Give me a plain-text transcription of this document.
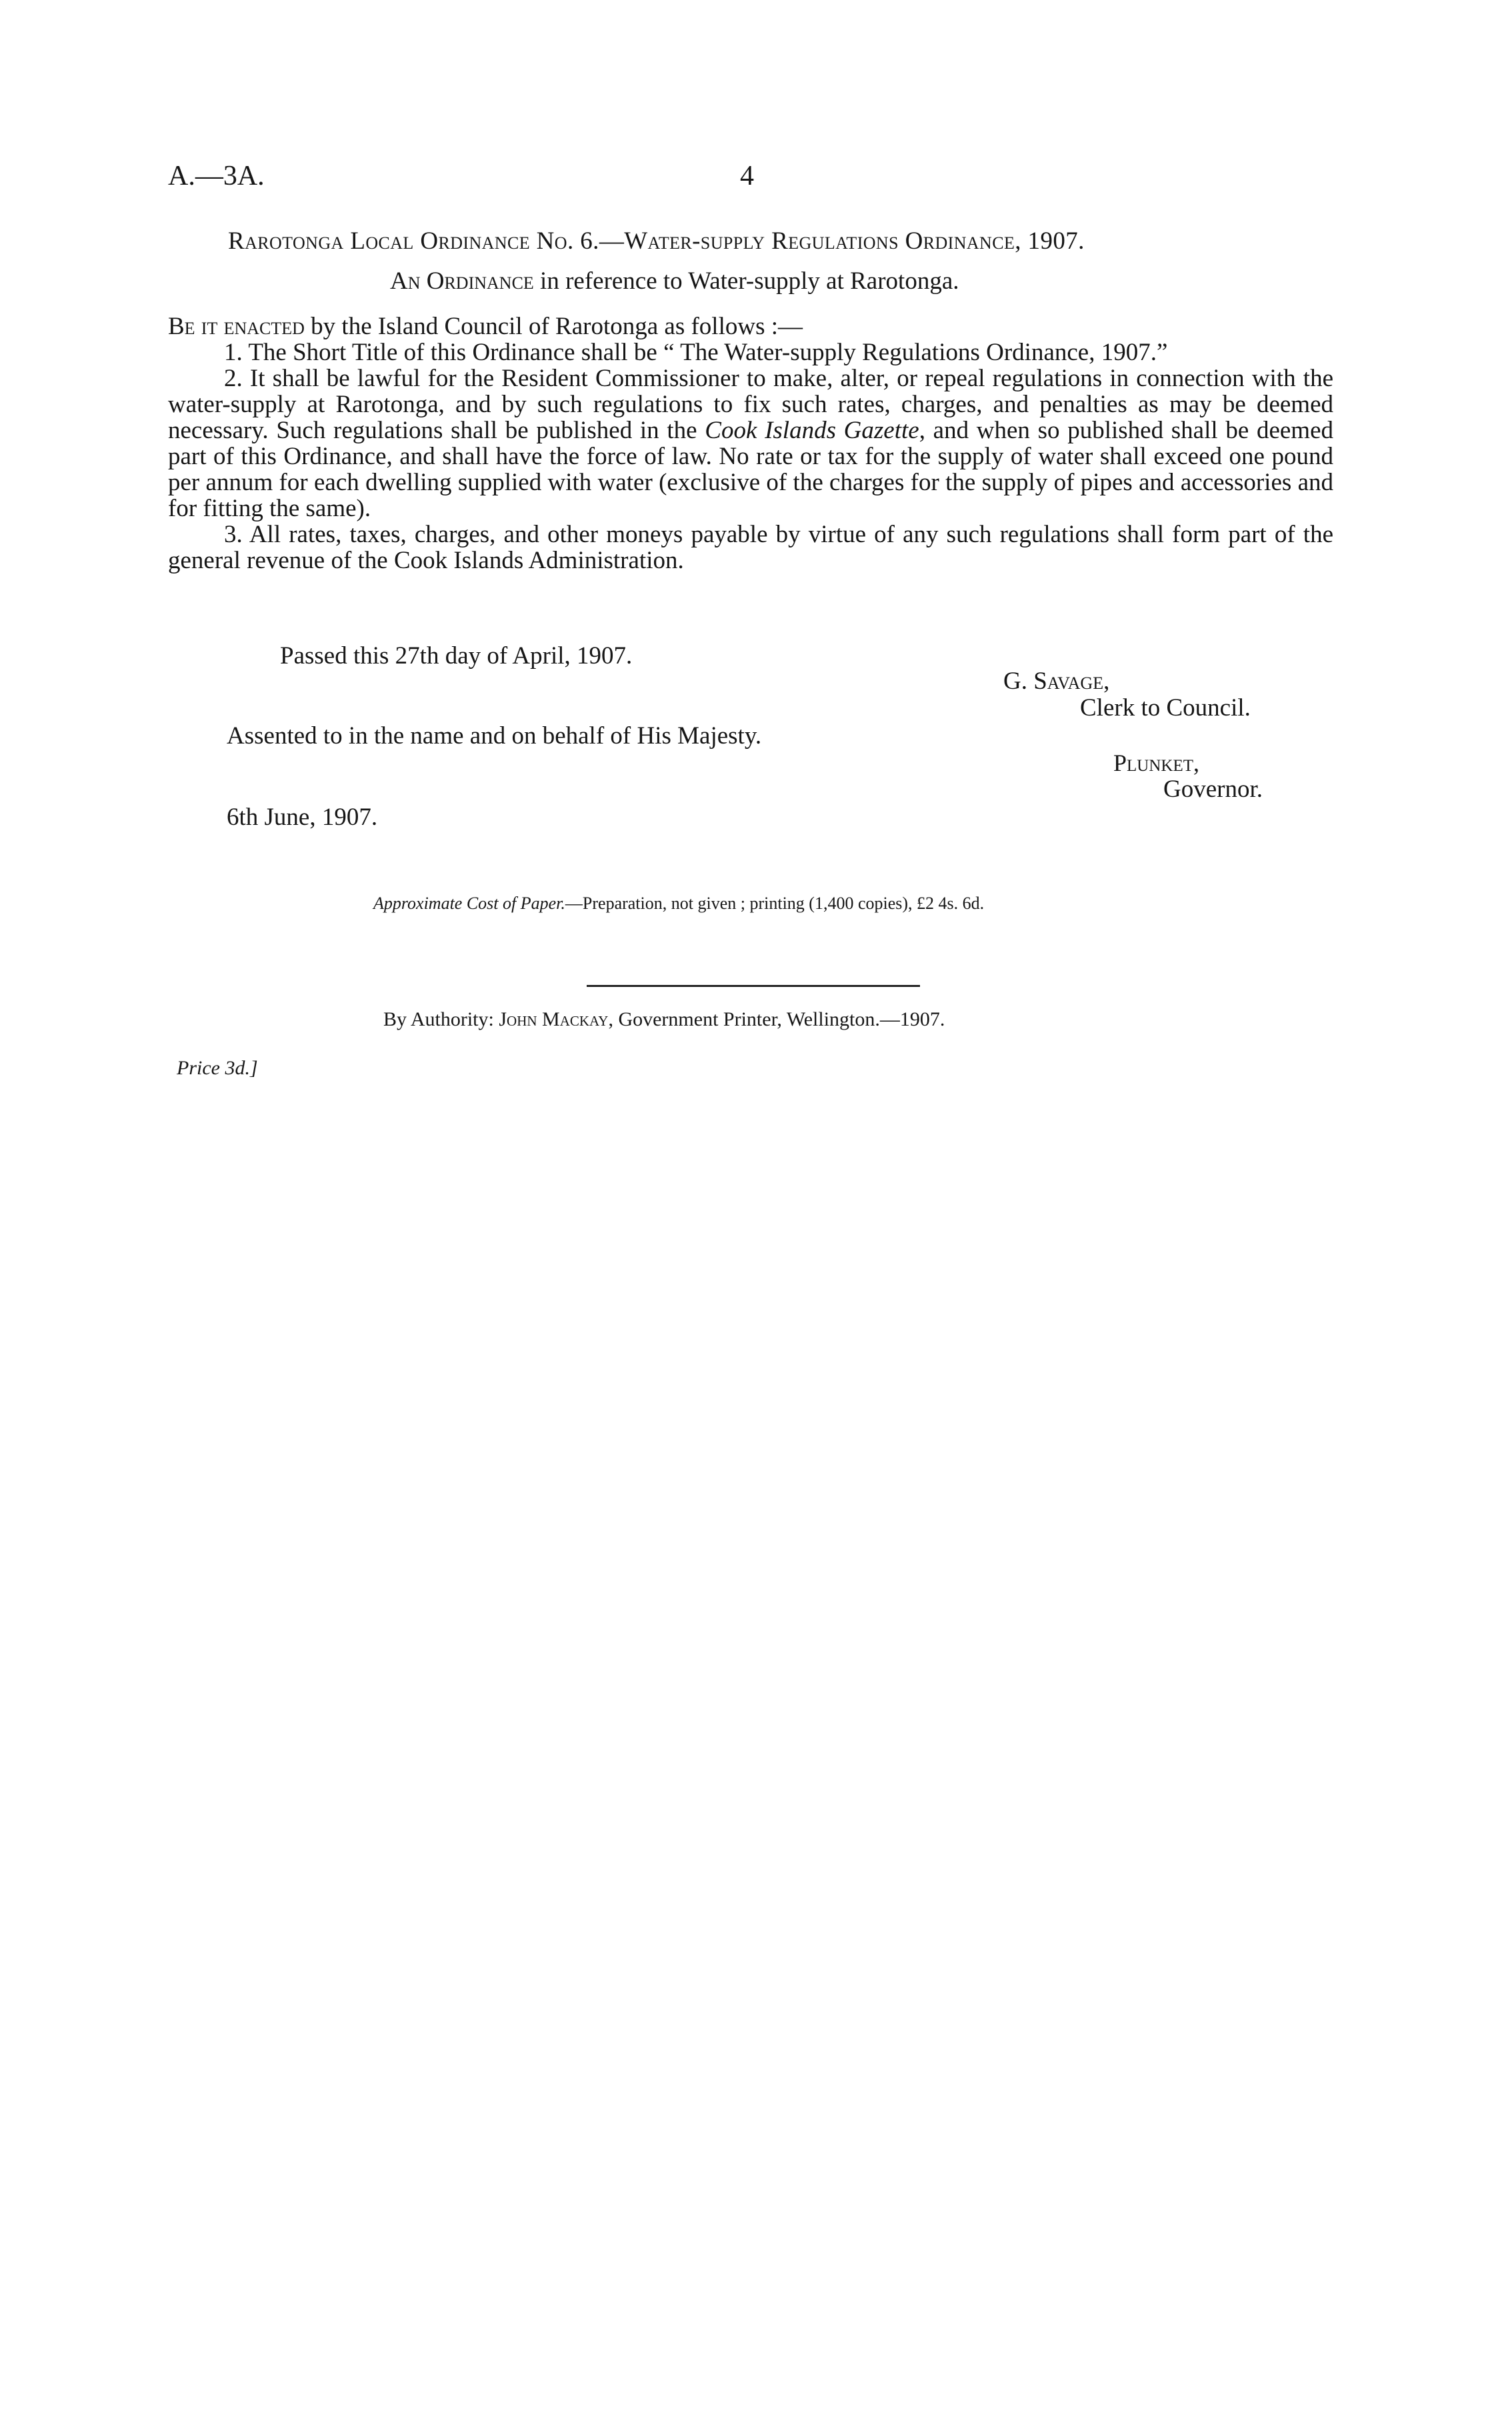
A.—3A.	4
Rarotonga Local Ordinance No. 6.—Water-supply Regulations Ordinance, 1907.
An Ordinance in reference to Water-supply at Rarotonga.

Be it enacted by the Island Council of Rarotonga as follows :—

1. The Short Title of this Ordinance shall be “ The Water-supply Regulations Ordinance, 1907.”

2. It shall be lawful for the Resident Commissioner to make, alter, or repeal regulations in connection with the water-supply at Rarotonga, and by such regulations to fix such rates, charges, and penalties as may be deemed necessary. Such regulations shall be published in the Cook Islands Gazette, and when so published shall be deemed part of this Ordinance, and shall have the force of law. No rate or tax for the supply of water shall exceed one pound per annum for each dwelling supplied with water (exclusive of the charges for the supply of pipes and accessories and for fitting the same).

3. All rates, taxes, charges, and other moneys payable by virtue of any such regulations shall form part of the general revenue of the Cook Islands Administration.

Passed this 27th day of April, 1907.
G. Savage,
Clerk to Council.
Assented to in the name and on behalf of His Majesty.
Plunket,
Governor.
6th June, 1907.
Approximate Cost of Paper.—Preparation, not given ; printing (1,400 copies), £2 4s. 6d.
By Authority: John Mackay, Government Printer, Wellington.—1907.
Price 3d.]
